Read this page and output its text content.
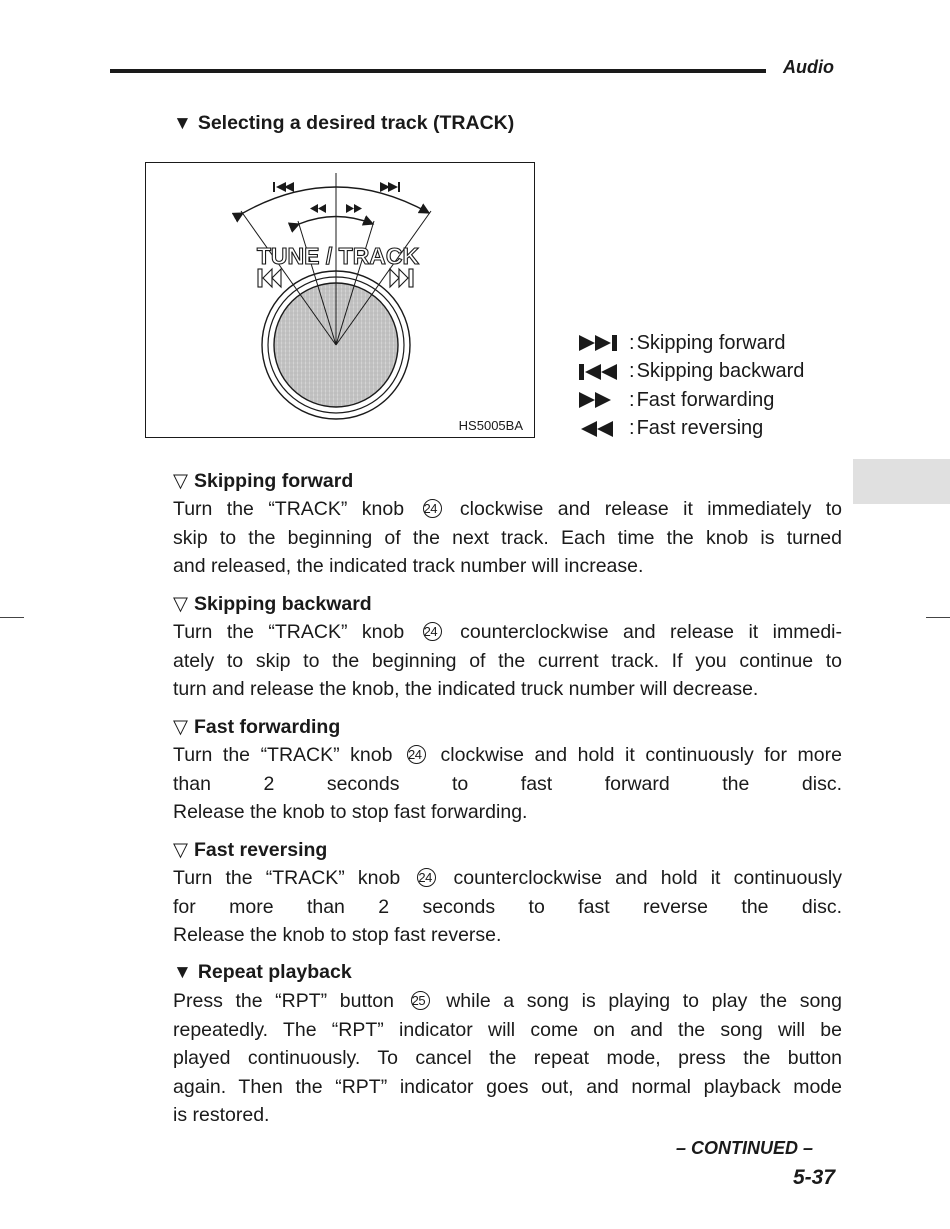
Audio
▼ Selecting a desired track (TRACK)
TUNE / TRACK
HS5005BA
: Skipping forward
: Skipping backward
: Fast forwarding
: Fast reversing
▽ Skipping forward
Turn the “TRACK” knob 24 clockwise and release it immediately to
skip to the beginning of the next track. Each time the knob is turned
and released, the indicated track number will increase.
▽ Skipping backward
Turn the “TRACK” knob 24 counterclockwise and release it immedi-
ately to skip to the beginning of the current track. If you continue to
turn and release the knob, the indicated truck number will decrease.
▽ Fast forwarding
Turn the “TRACK” knob 24 clockwise and hold it continuously for more
than 2 seconds to fast forward the disc.
Release the knob to stop fast forwarding.
▽ Fast reversing
Turn the “TRACK” knob 24 counterclockwise and hold it continuously
for more than 2 seconds to fast reverse the disc.
Release the knob to stop fast reverse.
▼ Repeat playback
Press the “RPT” button 25 while a song is playing to play the song
repeatedly. The “RPT” indicator will come on and the song will be
played continuously. To cancel the repeat mode, press the button
again. Then the “RPT” indicator goes out, and normal playback mode
is restored.
– CONTINUED –
5-37
